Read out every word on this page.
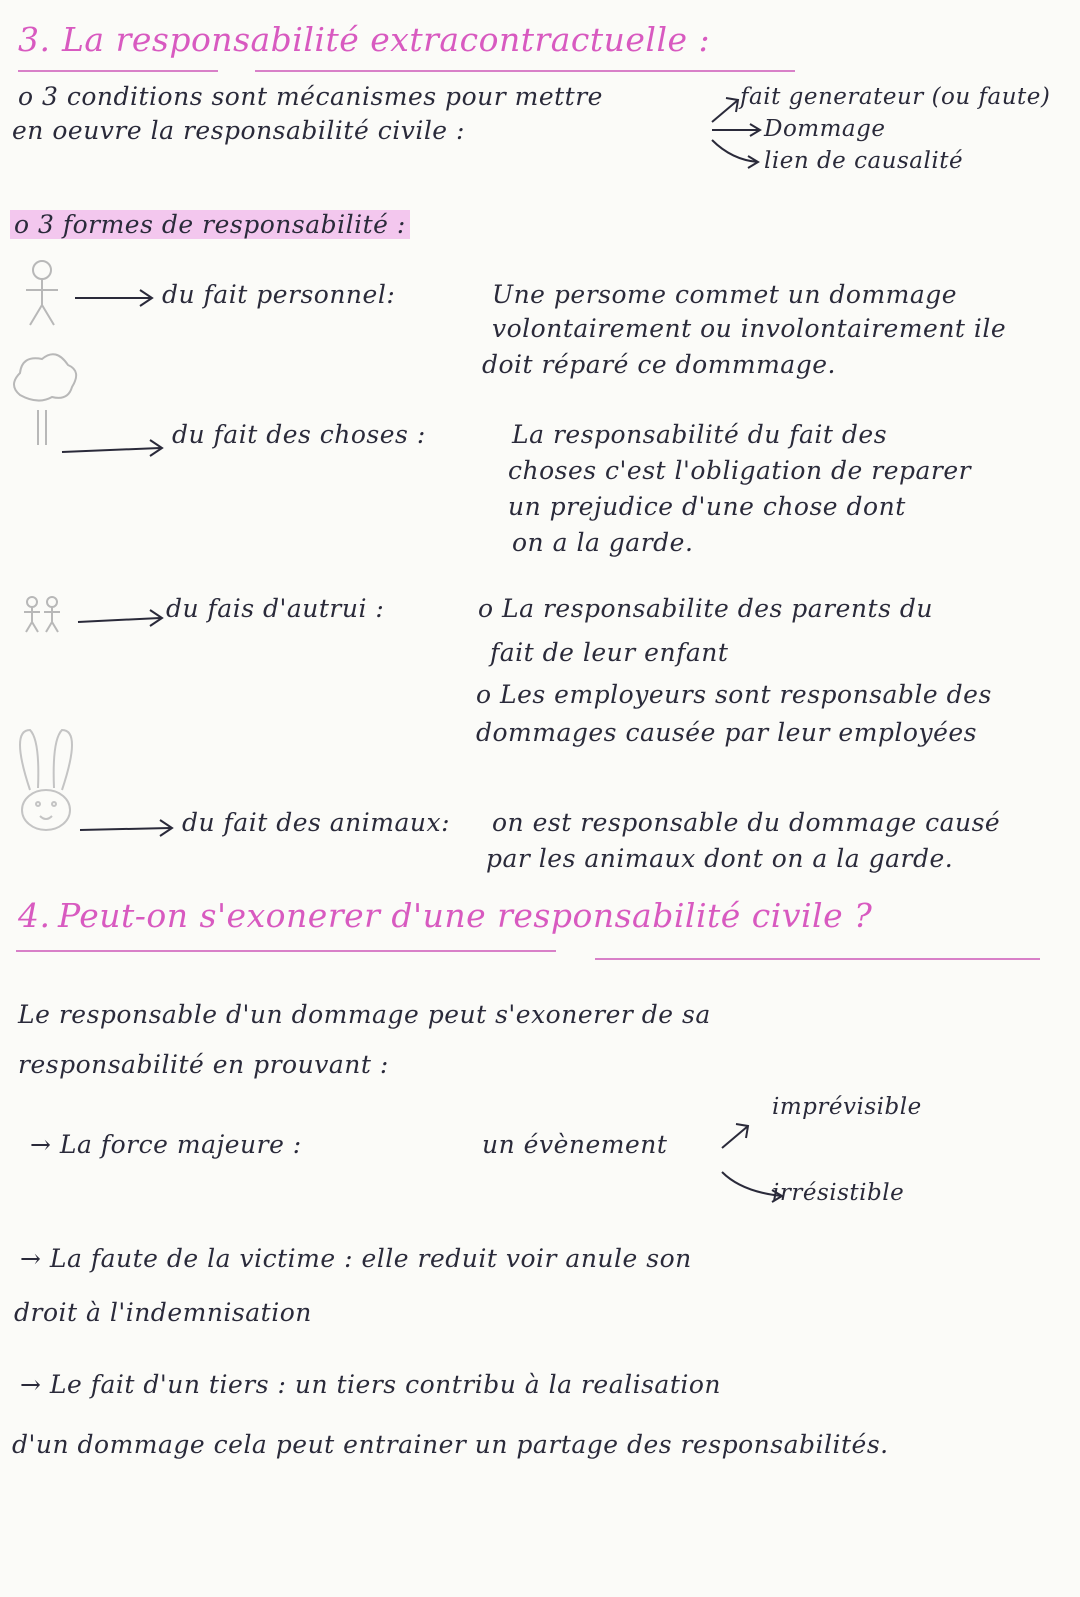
3. La responsabilité extracontractuelle :
o 3 conditions sont mécanismes pour mettre
en oeuvre la responsabilité civile :
fait generateur (ou faute)
Dommage
lien de causalité
o 3 formes de responsabilité :
du fait personnel:	Une persome commet un dommage
volontairement ou involontairement ile
doit réparé ce dommmage.
du fait des choses :	La responsabilité du fait des
choses c'est l'obligation de reparer
un prejudice d'une chose dont
on a la garde.
du fais d'autrui :	o La responsabilite des parents du
fait de leur enfant
o Les employeurs sont responsable des
dommages causée par leur employées
du fait des animaux: on est responsable du dommage causé
par les animaux dont on a la garde.
4. Peut-on s'exonerer d'une responsabilité civile ?
Le responsable d'un dommage peut s'exonerer de sa
responsabilité en prouvant :
→ La force majeure :	un évènement
imprévisible
irrésistible
→ La faute de la victime : elle reduit voir anule son
droit à l'indemnisation
→ Le fait d'un tiers : un tiers contribu à la realisation
d'un dommage cela peut entrainer un partage des responsabilités.
